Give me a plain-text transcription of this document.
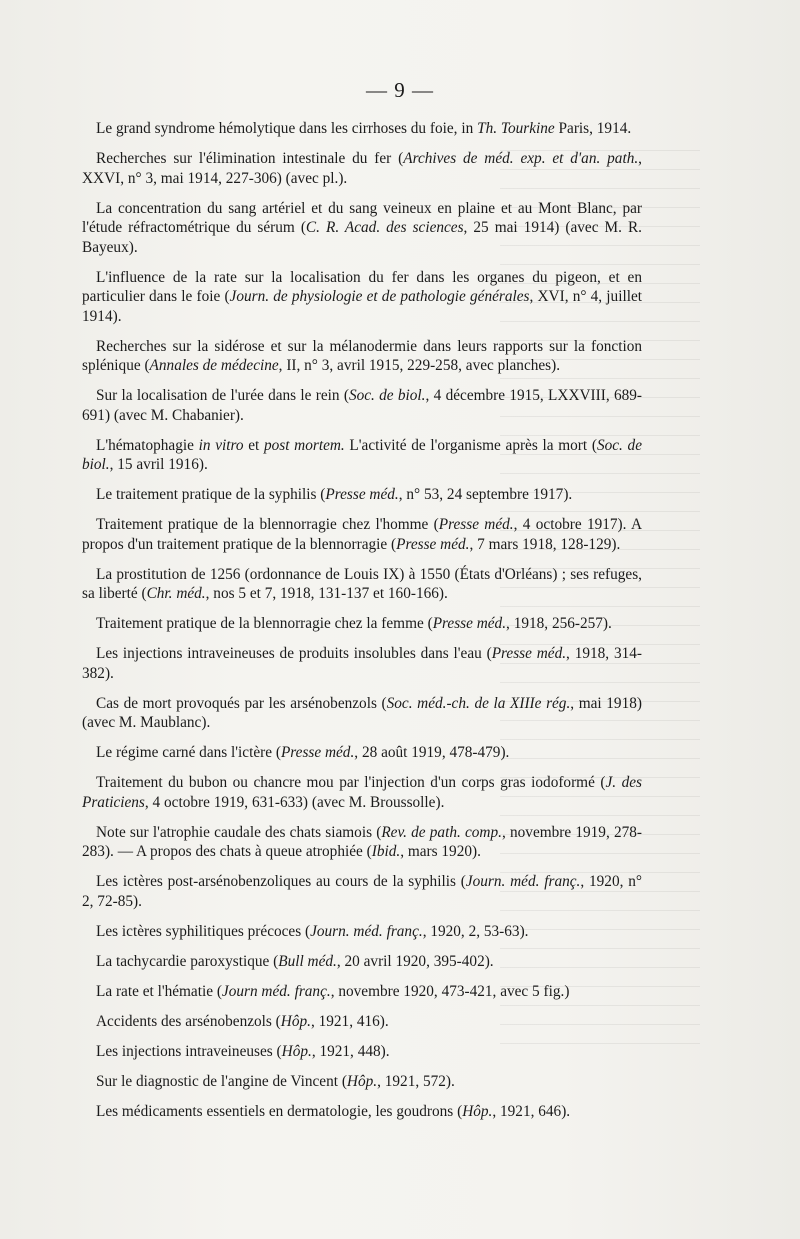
— 9 —

Le grand syndrome hémolytique dans les cirrhoses du foie, in Th. Tourkine Paris, 1914.

Recherches sur l'élimination intestinale du fer (Archives de méd. exp. et d'an. path., XXVI, n° 3, mai 1914, 227-306) (avec pl.).

La concentration du sang artériel et du sang veineux en plaine et au Mont Blanc, par l'étude réfractométrique du sérum (C. R. Acad. des sciences, 25 mai 1914) (avec M. R. Bayeux).

L'influence de la rate sur la localisation du fer dans les organes du pigeon, et en particulier dans le foie (Journ. de physiologie et de pathologie générales, XVI, n° 4, juillet 1914).

Recherches sur la sidérose et sur la mélanodermie dans leurs rapports sur la fonction splénique (Annales de médecine, II, n° 3, avril 1915, 229-258, avec planches).

Sur la localisation de l'urée dans le rein (Soc. de biol., 4 décembre 1915, LXXVIII, 689-691) (avec M. Chabanier).

L'hématophagie in vitro et post mortem. L'activité de l'organisme après la mort (Soc. de biol., 15 avril 1916).

Le traitement pratique de la syphilis (Presse méd., n° 53, 24 septembre 1917).

Traitement pratique de la blennorragie chez l'homme (Presse méd., 4 octobre 1917). A propos d'un traitement pratique de la blennorragie (Presse méd., 7 mars 1918, 128-129).

La prostitution de 1256 (ordonnance de Louis IX) à 1550 (États d'Orléans) ; ses refuges, sa liberté (Chr. méd., nos 5 et 7, 1918, 131-137 et 160-166).

Traitement pratique de la blennorragie chez la femme (Presse méd., 1918, 256-257).

Les injections intraveineuses de produits insolubles dans l'eau (Presse méd., 1918, 314-382).

Cas de mort provoqués par les arsénobenzols (Soc. méd.-ch. de la XIIIe rég., mai 1918) (avec M. Maublanc).

Le régime carné dans l'ictère (Presse méd., 28 août 1919, 478-479).

Traitement du bubon ou chancre mou par l'injection d'un corps gras iodoformé (J. des Praticiens, 4 octobre 1919, 631-633) (avec M. Broussolle).

Note sur l'atrophie caudale des chats siamois (Rev. de path. comp., novembre 1919, 278-283). — A propos des chats à queue atrophiée (Ibid., mars 1920).

Les ictères post-arsénobenzoliques au cours de la syphilis (Journ. méd. franç., 1920, n° 2, 72-85).

Les ictères syphilitiques précoces (Journ. méd. franç., 1920, 2, 53-63).

La tachycardie paroxystique (Bull méd., 20 avril 1920, 395-402).

La rate et l'hématie (Journ méd. franç., novembre 1920, 473-421, avec 5 fig.)

Accidents des arsénobenzols (Hôp., 1921, 416).

Les injections intraveineuses (Hôp., 1921, 448).

Sur le diagnostic de l'angine de Vincent (Hôp., 1921, 572).

Les médicaments essentiels en dermatologie, les goudrons (Hôp., 1921, 646).
